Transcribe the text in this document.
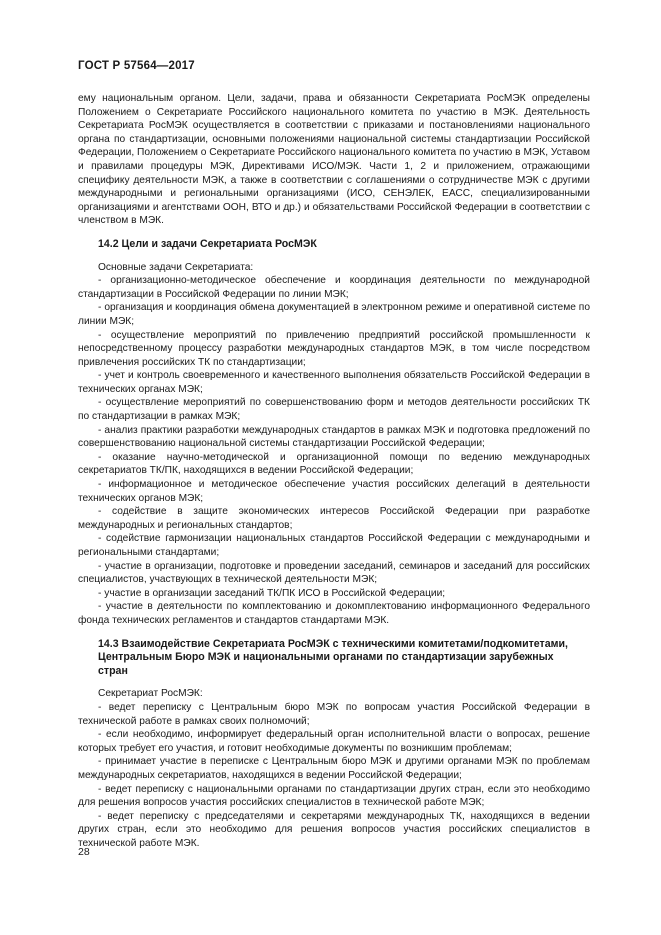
ГОСТ Р 57564—2017

ему национальным органом. Цели, задачи, права и обязанности Секретариата РосМЭК определены Положением о Секретариате Российского национального комитета по участию в МЭК. Деятельность Секретариата РосМЭК осуществляется в соответствии с приказами и постановлениями национального органа по стандартизации, основными положениями национальной системы стандартизации Российской Федерации, Положением о Секретариате Российского национального комитета по участию в МЭК, Уставом и правилами процедуры МЭК, Директивами ИСО/МЭК. Части 1, 2 и приложением, отражающими специфику деятельности МЭК, а также в соответствии с соглашениями о сотрудничестве МЭК с другими международными и региональными организациями (ИСО, СЕНЭЛЕК, ЕАСС, специализированными организациями и агентствами ООН, ВТО и др.) и обязательствами Российской Федерации в соответствии с членством в МЭК.

14.2 Цели и задачи Секретариата РосМЭК

Основные задачи Секретариата:

- организационно-методическое обеспечение и координация деятельности по международной стандартизации в Российской Федерации по линии МЭК;

- организация и координация обмена документацией в электронном режиме и оперативной системе по линии МЭК;

- осуществление мероприятий по привлечению предприятий российской промышленности к непосредственному процессу разработки международных стандартов МЭК, в том числе посредством привлечения российских ТК по стандартизации;

- учет и контроль своевременного и качественного выполнения обязательств Российской Федерации в технических органах МЭК;

- осуществление мероприятий по совершенствованию форм и методов деятельности российских ТК по стандартизации в рамках МЭК;

- анализ практики разработки международных стандартов в рамках МЭК и подготовка предложений по совершенствованию национальной системы стандартизации Российской Федерации;

- оказание научно-методической и организационной помощи по ведению международных секретариатов ТК/ПК, находящихся в ведении Российской Федерации;

- информационное и методическое обеспечение участия российских делегаций в деятельности технических органов МЭК;

- содействие в защите экономических интересов Российской Федерации при разработке международных и региональных стандартов;

- содействие гармонизации национальных стандартов Российской Федерации с международными и региональными стандартами;

- участие в организации, подготовке и проведении заседаний, семинаров и заседаний для российских специалистов, участвующих в технической деятельности МЭК;

- участие в организации заседаний ТК/ПК ИСО в Российской Федерации;

- участие в деятельности по комплектованию и докомплектованию информационного Федерального фонда технических регламентов и стандартов стандартами МЭК.

14.3 Взаимодействие Секретариата РосМЭК с техническими комитетами/подкомитетами,
Центральным Бюро МЭК и национальными органами по стандартизации зарубежных
стран

Секретариат РосМЭК:

- ведет переписку с Центральным бюро МЭК по вопросам участия Российской Федерации в технической работе в рамках своих полномочий;

- если необходимо, информирует федеральный орган исполнительной власти о вопросах, решение которых требует его участия, и готовит необходимые документы по возникшим проблемам;

- принимает участие в переписке с Центральным бюро МЭК и другими органами МЭК по проблемам международных секретариатов, находящихся в ведении Российской Федерации;

- ведет переписку с национальными органами по стандартизации других стран, если это необходимо для решения вопросов участия российских специалистов в технической работе МЭК;

- ведет переписку с председателями и секретарями международных ТК, находящихся в ведении других стран, если это необходимо для решения вопросов участия российских специалистов в технической работе МЭК.

28
